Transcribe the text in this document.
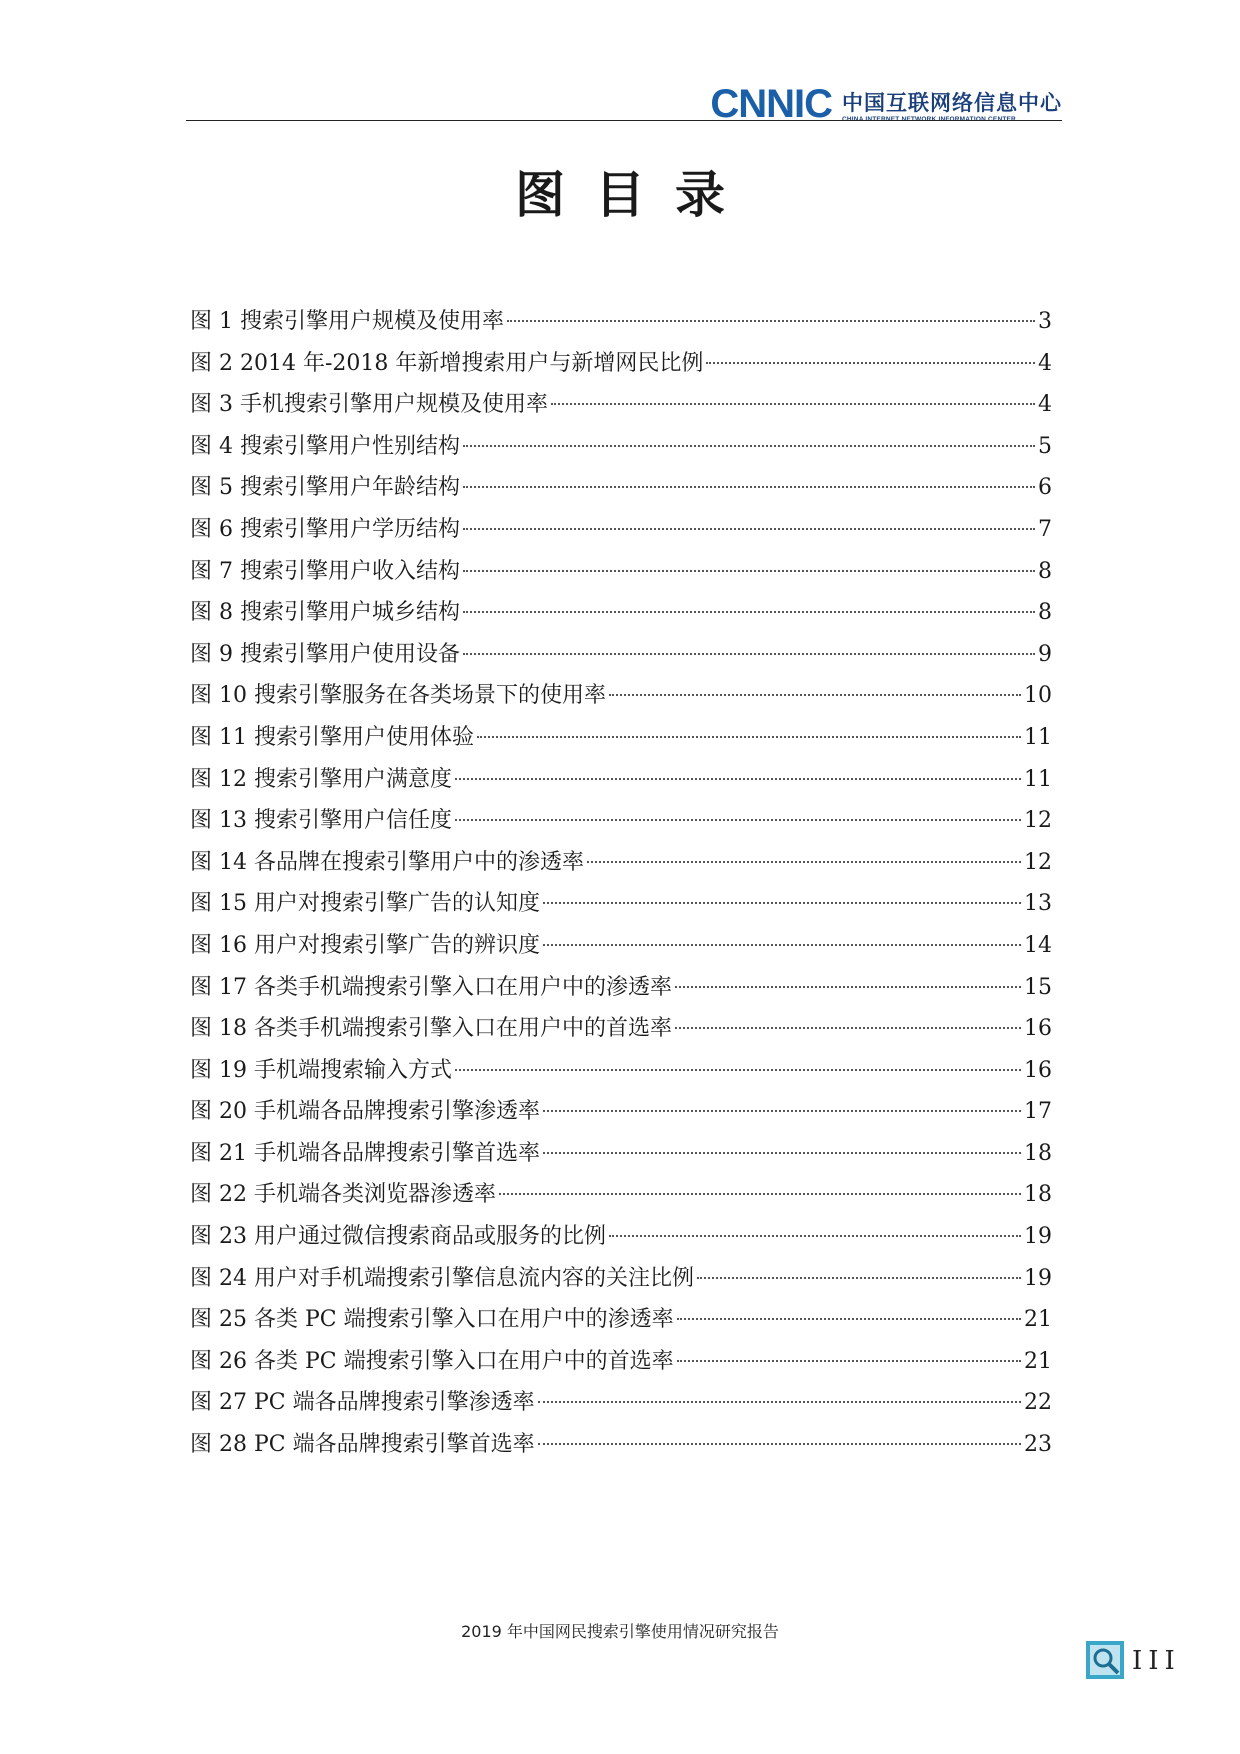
CNNIC 中国互联网络信息中心
CHINA INTERNET NETWORK INFORMATION CENTER
图目录
图 1 搜索引擎用户规模及使用率	3
图 2 2014 年-2018 年新增搜索用户与新增网民比例	4
图 3 手机搜索引擎用户规模及使用率	4
图 4 搜索引擎用户性别结构	5
图 5 搜索引擎用户年龄结构	6
图 6 搜索引擎用户学历结构	7
图 7 搜索引擎用户收入结构	8
图 8 搜索引擎用户城乡结构	8
图 9 搜索引擎用户使用设备	9
图 10 搜索引擎服务在各类场景下的使用率	10
图 11 搜索引擎用户使用体验	11
图 12 搜索引擎用户满意度	11
图 13 搜索引擎用户信任度	12
图 14 各品牌在搜索引擎用户中的渗透率	12
图 15 用户对搜索引擎广告的认知度	13
图 16 用户对搜索引擎广告的辨识度	14
图 17 各类手机端搜索引擎入口在用户中的渗透率	15
图 18 各类手机端搜索引擎入口在用户中的首选率	16
图 19 手机端搜索输入方式	16
图 20 手机端各品牌搜索引擎渗透率	17
图 21 手机端各品牌搜索引擎首选率	18
图 22 手机端各类浏览器渗透率	18
图 23 用户通过微信搜索商品或服务的比例	19
图 24 用户对手机端搜索引擎信息流内容的关注比例	19
图 25 各类 PC 端搜索引擎入口在用户中的渗透率	21
图 26 各类 PC 端搜索引擎入口在用户中的首选率	21
图 27 PC 端各品牌搜索引擎渗透率	22
图 28 PC 端各品牌搜索引擎首选率	23
2019 年中国网民搜索引擎使用情况研究报告
III
